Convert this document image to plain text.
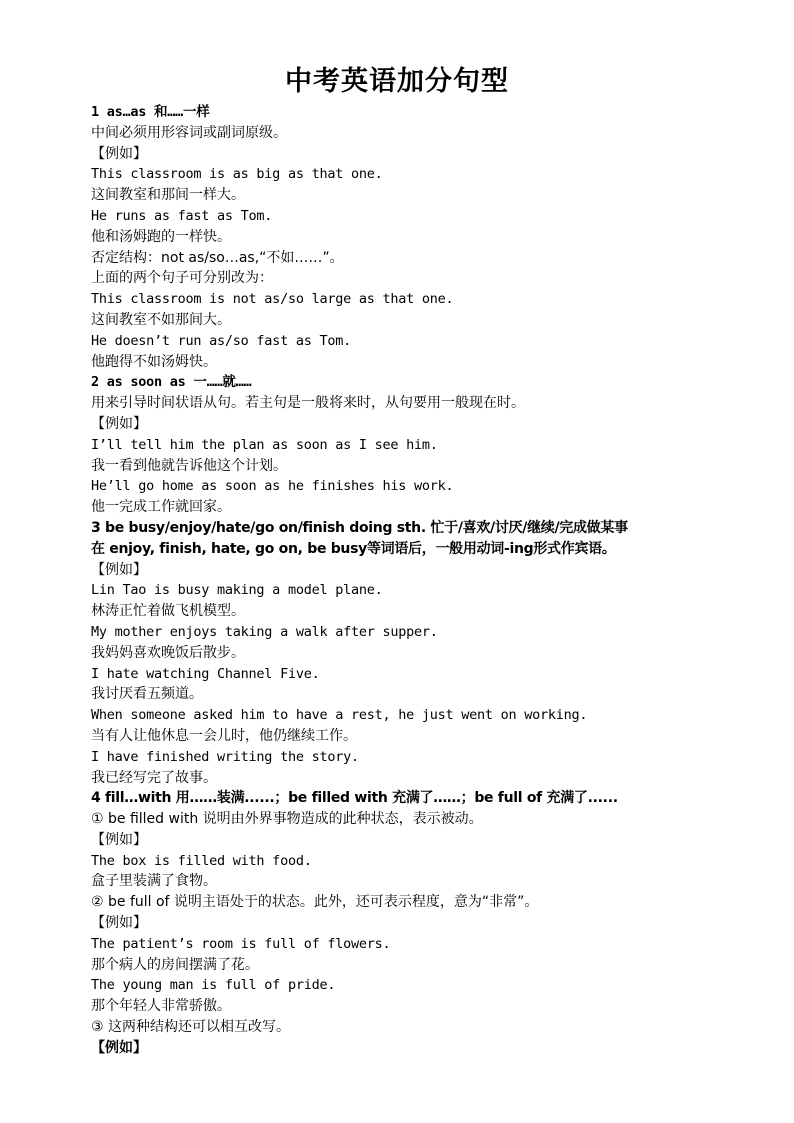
中考英语加分句型
1 as…as 和……一样
中间必须用形容词或副词原级。
【例如】
This classroom is as big as that one.
这间教室和那间一样大。
He runs as fast as Tom.
他和汤姆跑的一样快。
否定结构：not as/so…as,“不如……”。
上面的两个句子可分别改为：
This classroom is not as/so large as that one.
这间教室不如那间大。
He doesn’t run as/so fast as Tom.
他跑得不如汤姆快。
2 as soon as 一……就……
用来引导时间状语从句。若主句是一般将来时，从句要用一般现在时。
【例如】
I’ll tell him the plan as soon as I see him.
我一看到他就告诉他这个计划。
He’ll go home as soon as he finishes his work.
他一完成工作就回家。
3 be busy/enjoy/hate/go on/finish doing sth. 忙于/喜欢/讨厌/继续/完成做某事
在 enjoy, finish, hate, go on, be busy等词语后，一般用动词-ing形式作宾语。
【例如】
Lin Tao is busy making a model plane.
林涛正忙着做飞机模型。
My mother enjoys taking a walk after supper.
我妈妈喜欢晚饭后散步。
I hate watching Channel Five.
我讨厌看五频道。
When someone asked him to have a rest, he just went on working.
当有人让他休息一会儿时，他仍继续工作。
I have finished writing the story.
我已经写完了故事。
4 fill…with 用……装满......；be filled with 充满了……；be full of 充满了......
① be filled with 说明由外界事物造成的此种状态，表示被动。
【例如】
The box is filled with food.
盒子里装满了食物。
② be full of 说明主语处于的状态。此外，还可表示程度，意为“非常”。
【例如】
The patient’s room is full of flowers.
那个病人的房间摆满了花。
The young man is full of pride.
那个年轻人非常骄傲。
③ 这两种结构还可以相互改写。
【例如】
